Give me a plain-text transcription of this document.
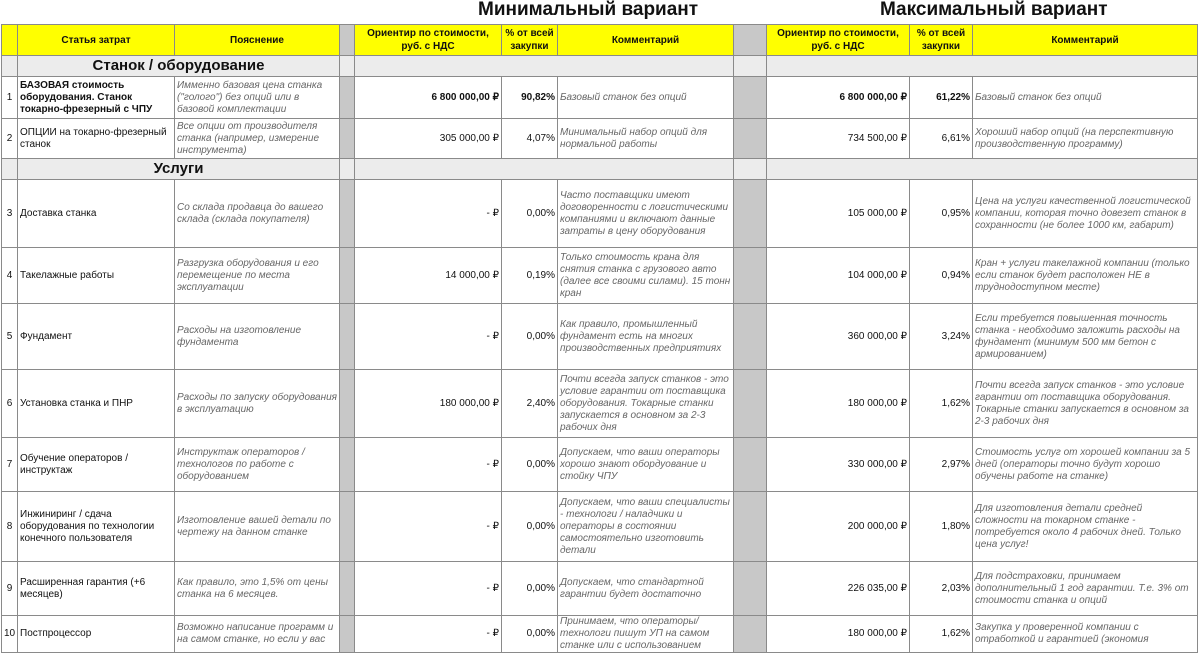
Минимальный вариант	Максимальный вариант
	Статья затрат	Пояснение		Ориентир по стоимости, руб. с НДС	% от всей закупки	Комментарий		Ориентир по стоимости, руб. с НДС	% от всей закупки	Комментарий
	Станок / оборудование									
1	БАЗОВАЯ стоимость оборудования. Станок токарно-фрезерный с ЧПУ	Имменно базовая цена станка ("голого") без опций или в базовой комплектации		6 800 000,00 ₽	90,82%	Базовый станок без опций		6 800 000,00 ₽	61,22%	Базовый станок без опций
2	ОПЦИИ на токарно-фрезерный станок	Все опции от производителя станка (например, измерение инструмента)		305 000,00 ₽	4,07%	Минимальный набор опций для нормальной работы		734 500,00 ₽	6,61%	Хороший набор опций (на перспективную производственную программу)
	Услуги									
3	Доставка станка	Со склада продавца до вашего склада (склада покупателя)		- ₽	0,00%	Часто поставщики имеют договоренности с логистическими компаниями и включают данные затраты в цену оборудования		105 000,00 ₽	0,95%	Цена на услуги качественной логистической компании, которая точно довезет станок в сохранности (не более 1000 км, габарит)
4	Такелажные работы	Разгрузка оборудования и его перемещение по места эксплуатации		14 000,00 ₽	0,19%	Только стоимость крана для снятия станка с грузового авто (далее все своими силами). 15 тонн кран		104 000,00 ₽	0,94%	Кран + услуги такелажной компании (только если станок будет расположен НЕ в труднодоступном месте)
5	Фундамент	Расходы на изготовление фундамента		- ₽	0,00%	Как правило, промышленный фундамент есть на многих производственных предприятиях		360 000,00 ₽	3,24%	Если требуется повышенная точность станка - необходимо заложить расходы на фундамент (минимум 500 мм бетон с армированием)
6	Установка станка и ПНР	Расходы по запуску оборудования в эксплуатацию		180 000,00 ₽	2,40%	Почти всегда запуск станков - это условие гарантии от поставщика оборудования. Токарные станки запускается в основном за 2-3 рабочих дня		180 000,00 ₽	1,62%	Почти всегда запуск станков - это условие гарантии от поставщика оборудования. Токарные станки запускается в основном за 2-3 рабочих дня
7	Обучение операторов / инструктаж	Инструктаж операторов / технологов по работе с оборудованием		- ₽	0,00%	Допускаем, что ваши операторы хорошо знают обордуование и стойку ЧПУ		330 000,00 ₽	2,97%	Стоимость услуг от хорошей компании за 5 дней (операторы точно будут хорошо обучены работе на станке)
8	Инжиниринг / сдача оборудования по технологии конечного пользователя	Изготовление вашей детали по чертежу на данном станке		- ₽	0,00%	Допускаем, что ваши специалисты - технологи / наладчики и операторы в состоянии самостоятельно изготовить детали		200 000,00 ₽	1,80%	Для изготовления детали средней сложности на токарном станке - потребуется около 4 рабочих дней. Только цена услуг!
9	Расширенная гарантия (+6 месяцев)	Как правило, это 1,5% от цены станка на 6 месяцев.		- ₽	0,00%	Допускаем, что стандартной гарантии будет достаточно		226 035,00 ₽	2,03%	Для подстраховки, принимаем дополнительный 1 год гарантии. Т.е. 3% от стоимости станка и опций
10	Постпроцессор	Возможно написание программ и на самом станке, но если у вас		- ₽	0,00%	Принимаем, что операторы/технологи пишут УП на самом станке или с использованием		180 000,00 ₽	1,62%	Закупка у проверенной компании с отработкой и гарантией (экономия
